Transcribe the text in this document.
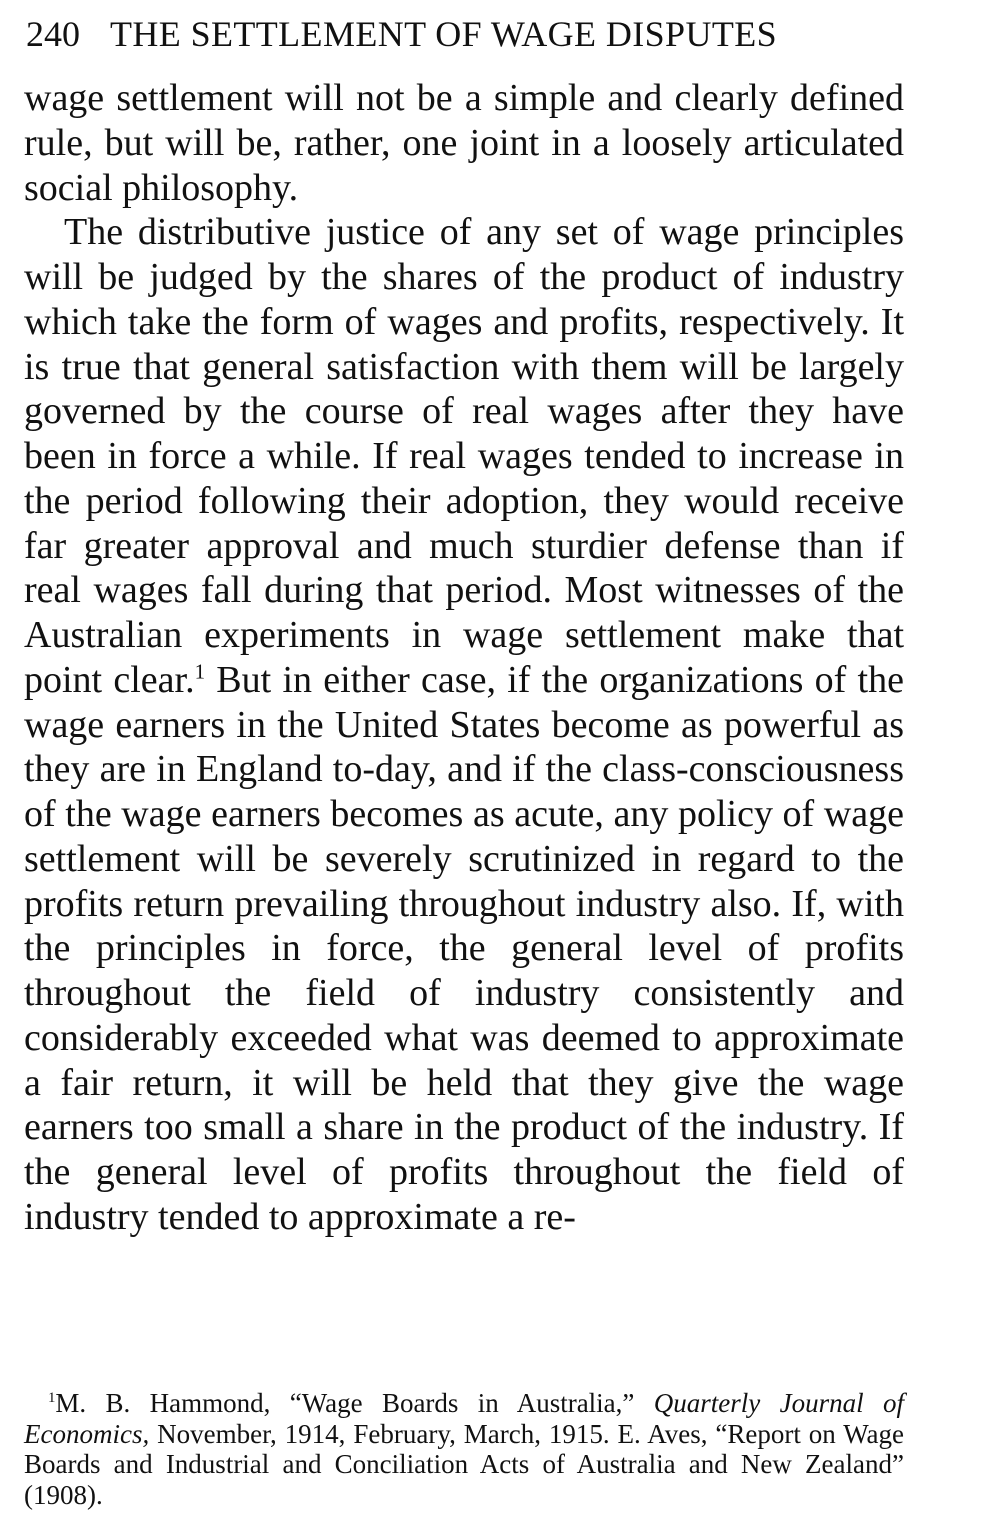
240 THE SETTLEMENT OF WAGE DISPUTES

wage settlement will not be a simple and clearly defined rule, but will be, rather, one joint in a loosely articulated social philosophy.

The distributive justice of any set of wage principles will be judged by the shares of the product of industry which take the form of wages and profits, respectively. It is true that general satisfaction with them will be largely governed by the course of real wages after they have been in force a while. If real wages tended to increase in the period following their adoption, they would receive far greater approval and much sturdier defense than if real wages fall during that period. Most witnesses of the Australian experiments in wage settlement make that point clear.$^1$ But in either case, if the organizations of the wage earners in the United States become as powerful as they are in England to-day, and if the class-consciousness of the wage earners becomes as acute, any policy of wage settlement will be severely scrutinized in regard to the profits return prevailing throughout industry also. If, with the principles in force, the general level of profits throughout the field of industry consistently and considerably exceeded what was deemed to approximate a fair return, it will be held that they give the wage earners too small a share in the product of the industry. If the general level of profits throughout the field of industry tended to approximate a re-

$^1$M. B. Hammond, “Wage Boards in Australia,” Quarterly Journal of Economics, November, 1914, February, March, 1915. E. Aves, “Report on Wage Boards and Industrial and Conciliation Acts of Australia and New Zealand” (1908).
